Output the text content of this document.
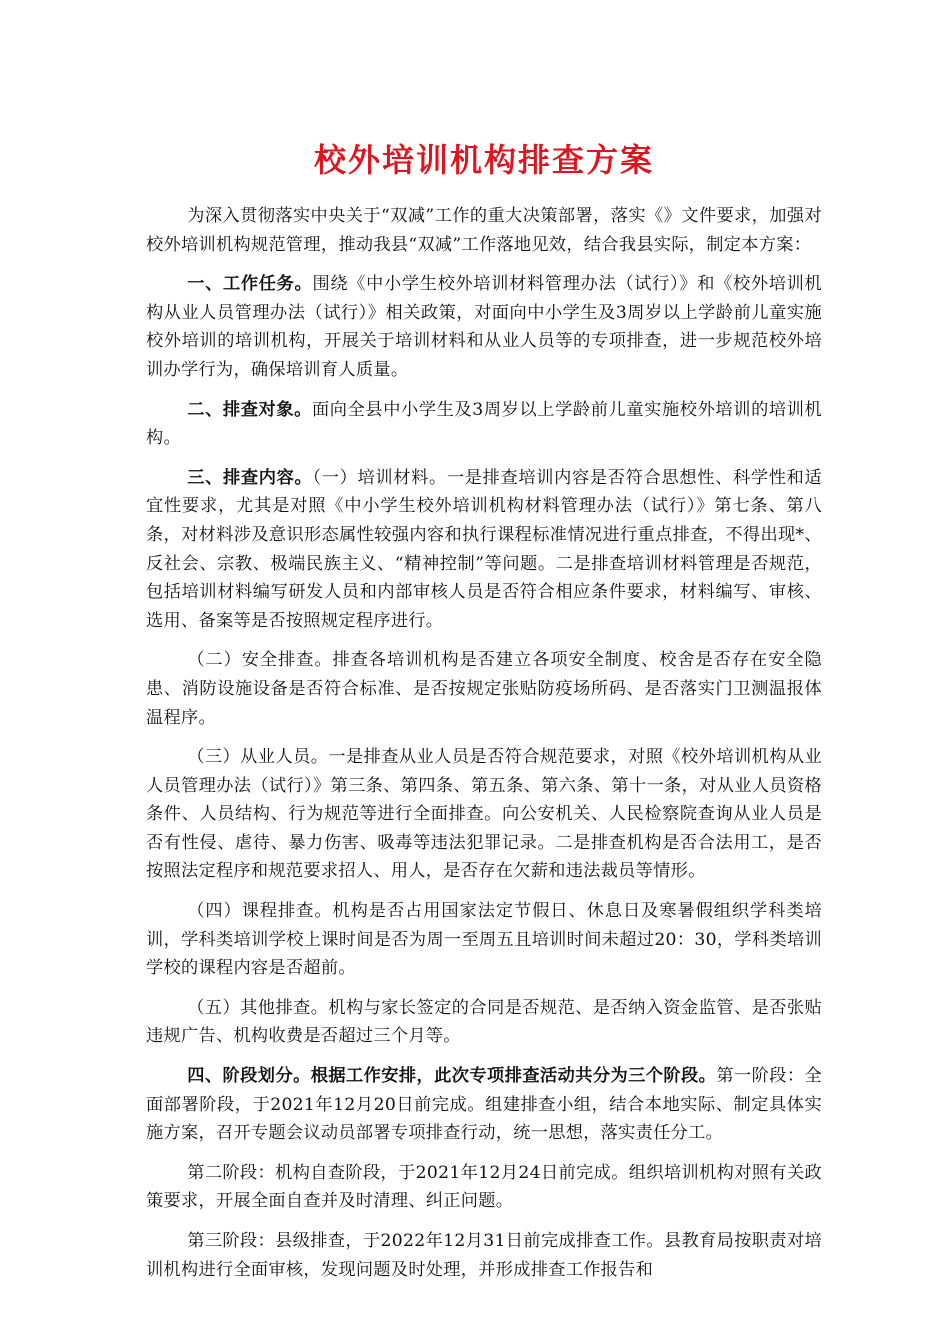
校外培训机构排查方案

为深入贯彻落实中央关于“双减”工作的重大决策部署，落实《》文件要求，加强对校外培训机构规范管理，推动我县“双减”工作落地见效，结合我县实际，制定本方案：

一、工作任务。围绕《中小学生校外培训材料管理办法（试行）》和《校外培训机构从业人员管理办法（试行）》相关政策，对面向中小学生及3周岁以上学龄前儿童实施校外培训的培训机构，开展关于培训材料和从业人员等的专项排查，进一步规范校外培训办学行为，确保培训育人质量。

二、排查对象。面向全县中小学生及3周岁以上学龄前儿童实施校外培训的培训机构。

三、排查内容。（一）培训材料。一是排查培训内容是否符合思想性、科学性和适宜性要求，尤其是对照《中小学生校外培训机构材料管理办法（试行）》第七条、第八条，对材料涉及意识形态属性较强内容和执行课程标准情况进行重点排查，不得出现*、反社会、宗教、极端民族主义、“精神控制”等问题。二是排查培训材料管理是否规范，包括培训材料编写研发人员和内部审核人员是否符合相应条件要求，材料编写、审核、选用、备案等是否按照规定程序进行。

（二）安全排查。排查各培训机构是否建立各项安全制度、校舍是否存在安全隐患、消防设施设备是否符合标准、是否按规定张贴防疫场所码、是否落实门卫测温报体温程序。

（三）从业人员。一是排查从业人员是否符合规范要求，对照《校外培训机构从业人员管理办法（试行）》第三条、第四条、第五条、第六条、第十一条，对从业人员资格条件、人员结构、行为规范等进行全面排查。向公安机关、人民检察院查询从业人员是否有性侵、虐待、暴力伤害、吸毒等违法犯罪记录。二是排查机构是否合法用工，是否按照法定程序和规范要求招人、用人，是否存在欠薪和违法裁员等情形。

（四）课程排查。机构是否占用国家法定节假日、休息日及寒暑假组织学科类培训，学科类培训学校上课时间是否为周一至周五且培训时间未超过20：30，学科类培训学校的课程内容是否超前。

（五）其他排查。机构与家长签定的合同是否规范、是否纳入资金监管、是否张贴违规广告、机构收费是否超过三个月等。

四、阶段划分。根据工作安排，此次专项排查活动共分为三个阶段。第一阶段：全面部署阶段，于2021年12月20日前完成。组建排查小组，结合本地实际、制定具体实施方案，召开专题会议动员部署专项排查行动，统一思想，落实责任分工。

第二阶段：机构自查阶段，于2021年12月24日前完成。组织培训机构对照有关政策要求，开展全面自查并及时清理、纠正问题。

第三阶段：县级排查，于2022年12月31日前完成排查工作。县教育局按职责对培训机构进行全面审核，发现问题及时处理，并形成排查工作报告和
